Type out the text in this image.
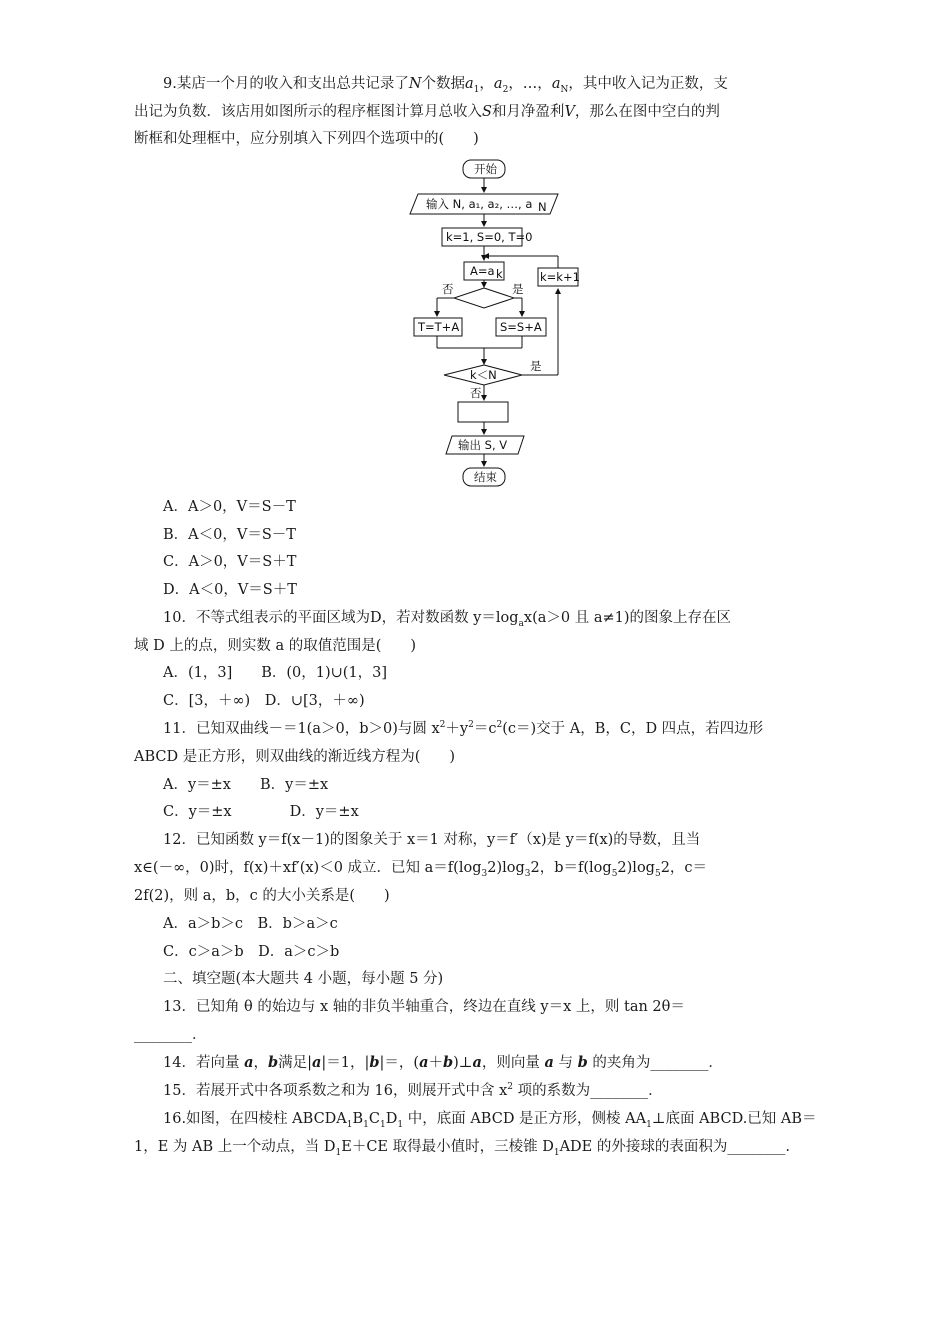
9.某店一个月的收入和支出总共记录了N个数据$a_1$，$a_2$，…，$a_N$，其中收入记为正数，支
出记为负数．该店用如图所示的程序框图计算月总收入S和月净盈利V，那么在图中空白的判
断框和处理框中，应分别填入下列四个选项中的(　　)
开始
输入 N, a₁, a₂, …, a N
k=1, S=0, T=0
A=a k
否	是
T=T+A	S=S+A
k=k+1
k＜N
是
否
输出 S, V
结束
A．A＞0，V＝S－T
B．A＜0，V＝S－T
C．A＞0，V＝S＋T
D．A＜0，V＝S＋T
10．不等式组表示的平面区域为D，若对数函数 $y=\log_ax(a>0$ 且 a≠1)的图象上存在区
域 D 上的点，则实数 a 的取值范围是(　　)
A．(1，3]　　B．(0，1)∪(1，3]
C．[3，＋∞)　D．∪[3，＋∞)
11．已知双曲线－＝1(a＞0，b＞0)与圆 $x^2+y^2=c^2(c=)$交于 A，B，C，D 四点，若四边形
ABCD 是正方形，则双曲线的渐近线方程为(　　)
A．y＝±x　　B．y＝±x
C．y＝±x　　　　D．y＝±x
12．已知函数 y＝f(x－1)的图象关于 x＝1 对称，y＝f′（x)是 y＝f(x)的导数，且当
x∈(－∞，0)时，f(x)＋xf′(x)＜0 成立．已知 $a=f(\log_32)\log_32$，$b=f(\log_52)\log_52$，c＝
2f(2)，则 a，b，c 的大小关系是(　　)
A．a＞b＞c　B．b＞a＞c
C．c＞a＞b　D．a＞c＞b
二、填空题(本大题共 4 小题，每小题 5 分)
13．已知角 θ 的始边与 x 轴的非负半轴重合，终边在直线 y＝x 上，则 tan 2θ＝
________．
14．若向量 a，b满足|a|＝1，|b|＝，(a＋b)⊥a，则向量 a 与 b 的夹角为________．
15．若展开式中各项系数之和为 16，则展开式中含 $x^2$ 项的系数为________．
16.如图，在四棱柱 $ABCDA_1B_1C_1D_1$ 中，底面 ABCD 是正方形，侧棱 $AA_1\perp$底面 ABCD.已知 AB＝
1，E 为 AB 上一个动点，当 $D_1E+CE$ 取得最小值时，三棱锥 $D_1ADE$ 的外接球的表面积为________.
